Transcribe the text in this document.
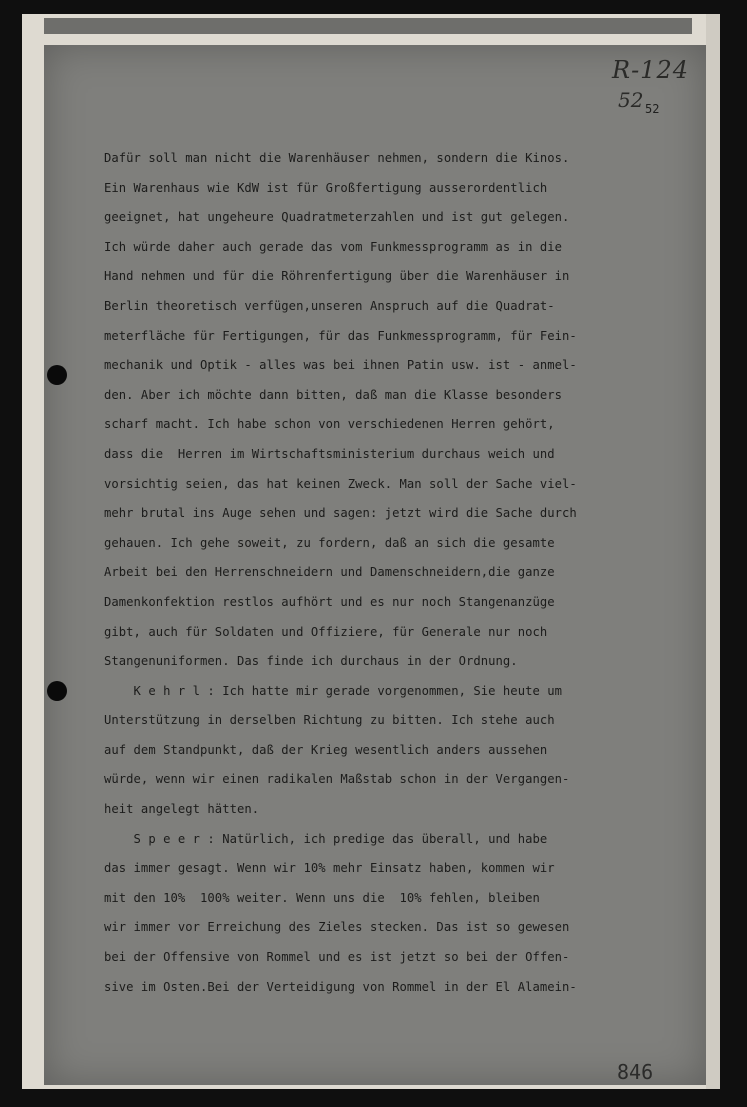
R-124
52 52
Dafür soll man nicht die Warenhäuser nehmen, sondern die Kinos.
Ein Warenhaus wie KdW ist für Großfertigung ausserordentlich
geeignet, hat ungeheure Quadratmeterzahlen und ist gut gelegen.
Ich würde daher auch gerade das vom Funkmessprogramm as in die
Hand nehmen und für die Röhrenfertigung über die Warenhäuser in
Berlin theoretisch verfügen,unseren Anspruch auf die Quadrat-
meterfläche für Fertigungen, für das Funkmessprogramm, für Fein-
mechanik und Optik - alles was bei ihnen Patin usw. ist - anmel-
den. Aber ich möchte dann bitten, daß man die Klasse besonders
scharf macht. Ich habe schon von verschiedenen Herren gehört,
dass die  Herren im Wirtschaftsministerium durchaus weich und
vorsichtig seien, das hat keinen Zweck. Man soll der Sache viel-
mehr brutal ins Auge sehen und sagen: jetzt wird die Sache durch
gehauen. Ich gehe soweit, zu fordern, daß an sich die gesamte
Arbeit bei den Herrenschneidern und Damenschneidern,die ganze
Damenkonfektion restlos aufhört und es nur noch Stangenanzüge
gibt, auch für Soldaten und Offiziere, für Generale nur noch
Stangenuniformen. Das finde ich durchaus in der Ordnung.
K e h r l : Ich hatte mir gerade vorgenommen, Sie heute um
Unterstützung in derselben Richtung zu bitten. Ich stehe auch
auf dem Standpunkt, daß der Krieg wesentlich anders aussehen
würde, wenn wir einen radikalen Maßstab schon in der Vergangen-
heit angelegt hätten.
S p e e r : Natürlich, ich predige das überall, und habe
das immer gesagt. Wenn wir 10% mehr Einsatz haben, kommen wir
mit den 10%  100% weiter. Wenn uns die  10% fehlen, bleiben
wir immer vor Erreichung des Zieles stecken. Das ist so gewesen
bei der Offensive von Rommel und es ist jetzt so bei der Offen-
sive im Osten.Bei der Verteidigung von Rommel in der El Alamein-
846
